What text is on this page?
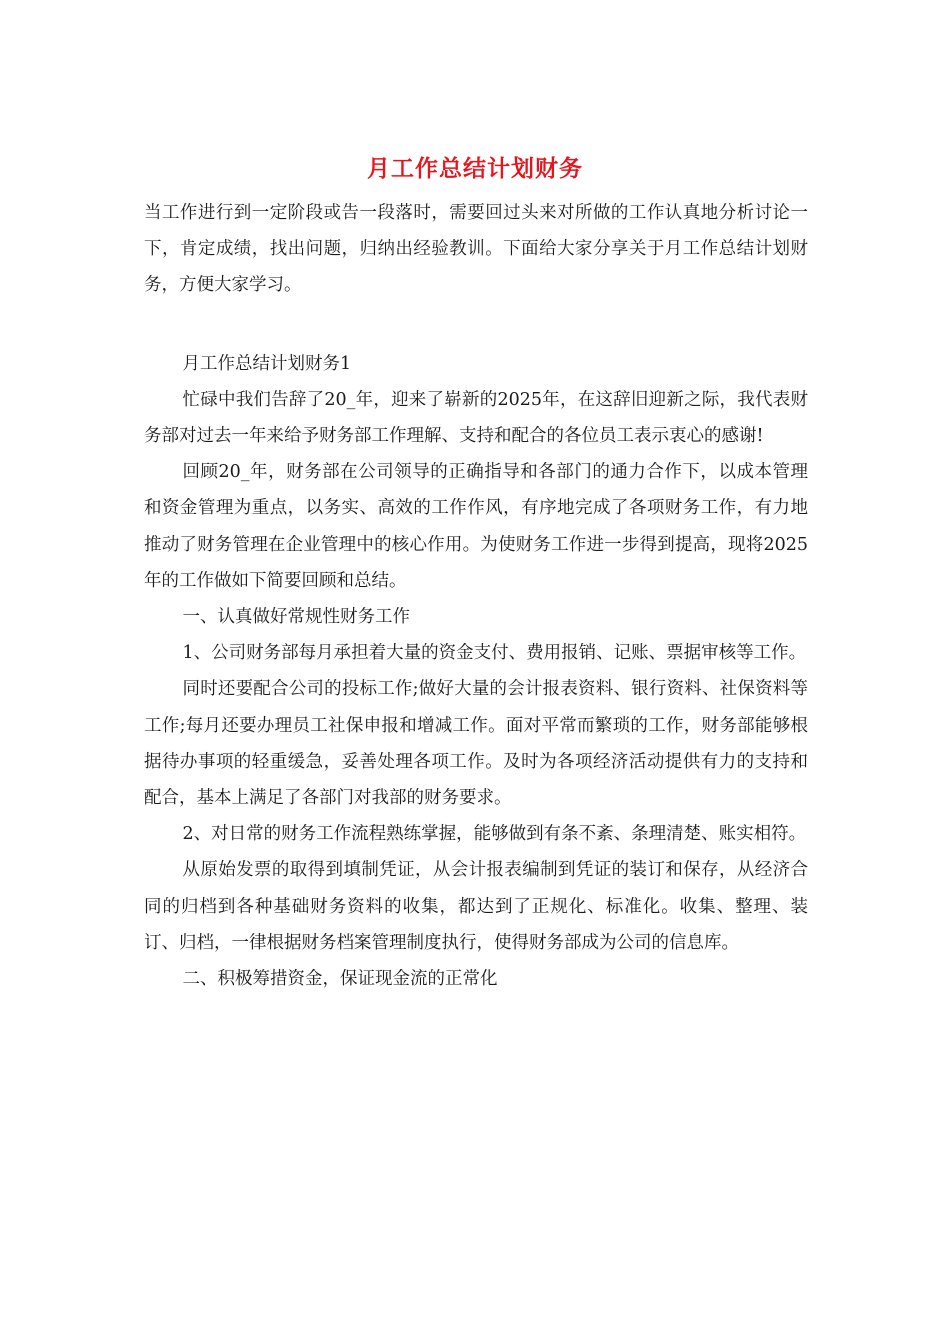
月工作总结计划财务

当工作进行到一定阶段或告一段落时，需要回过头来对所做的工作认真地分析讨论一下，肯定成绩，找出问题，归纳出经验教训。下面给大家分享关于月工作总结计划财务，方便大家学习。

月工作总结计划财务1

忙碌中我们告辞了20_年，迎来了崭新的2025年，在这辞旧迎新之际，我代表财务部对过去一年来给予财务部工作理解、支持和配合的各位员工表示衷心的感谢!

回顾20_年，财务部在公司领导的正确指导和各部门的通力合作下，以成本管理和资金管理为重点，以务实、高效的工作作风，有序地完成了各项财务工作，有力地推动了财务管理在企业管理中的核心作用。为使财务工作进一步得到提高，现将2025年的工作做如下简要回顾和总结。

一、认真做好常规性财务工作

1、公司财务部每月承担着大量的资金支付、费用报销、记账、票据审核等工作。

同时还要配合公司的投标工作;做好大量的会计报表资料、银行资料、社保资料等工作;每月还要办理员工社保申报和增减工作。面对平常而繁琐的工作，财务部能够根据待办事项的轻重缓急，妥善处理各项工作。及时为各项经济活动提供有力的支持和配合，基本上满足了各部门对我部的财务要求。

2、对日常的财务工作流程熟练掌握，能够做到有条不紊、条理清楚、账实相符。

从原始发票的取得到填制凭证，从会计报表编制到凭证的装订和保存，从经济合同的归档到各种基础财务资料的收集，都达到了正规化、标准化。收集、整理、装订、归档，一律根据财务档案管理制度执行，使得财务部成为公司的信息库。

二、积极筹措资金，保证现金流的正常化
